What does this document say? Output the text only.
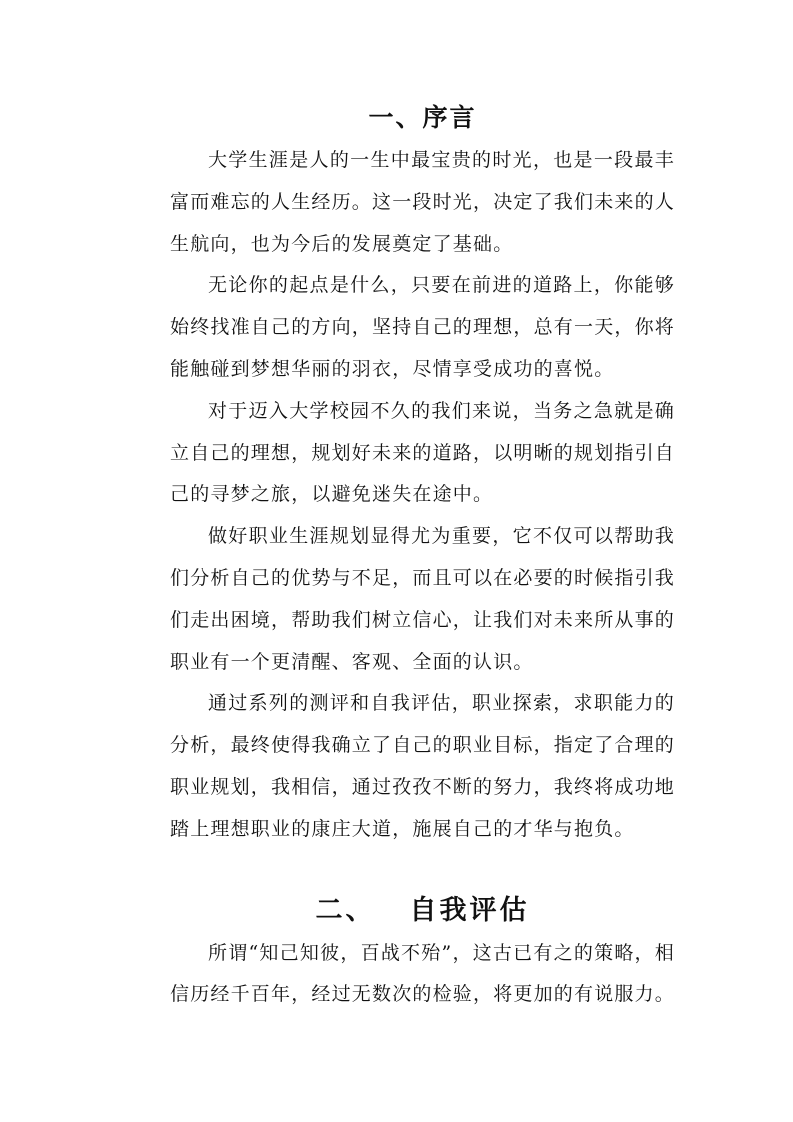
一、序言

大学生涯是人的一生中最宝贵的时光，也是一段最丰富而难忘的人生经历。这一段时光，决定了我们未来的人生航向，也为今后的发展奠定了基础。

无论你的起点是什么，只要在前进的道路上，你能够始终找准自己的方向，坚持自己的理想，总有一天，你将能触碰到梦想华丽的羽衣，尽情享受成功的喜悦。

对于迈入大学校园不久的我们来说，当务之急就是确立自己的理想，规划好未来的道路，以明晰的规划指引自己的寻梦之旅，以避免迷失在途中。

做好职业生涯规划显得尤为重要，它不仅可以帮助我们分析自己的优势与不足，而且可以在必要的时候指引我们走出困境，帮助我们树立信心，让我们对未来所从事的职业有一个更清醒、客观、全面的认识。

通过系列的测评和自我评估，职业探索，求职能力的分析，最终使得我确立了自己的职业目标，指定了合理的职业规划，我相信，通过孜孜不断的努力，我终将成功地踏上理想职业的康庄大道，施展自己的才华与抱负。

二、 自我评估

所谓“知己知彼，百战不殆”，这古已有之的策略，相信历经千百年，经过无数次的检验，将更加的有说服力。
